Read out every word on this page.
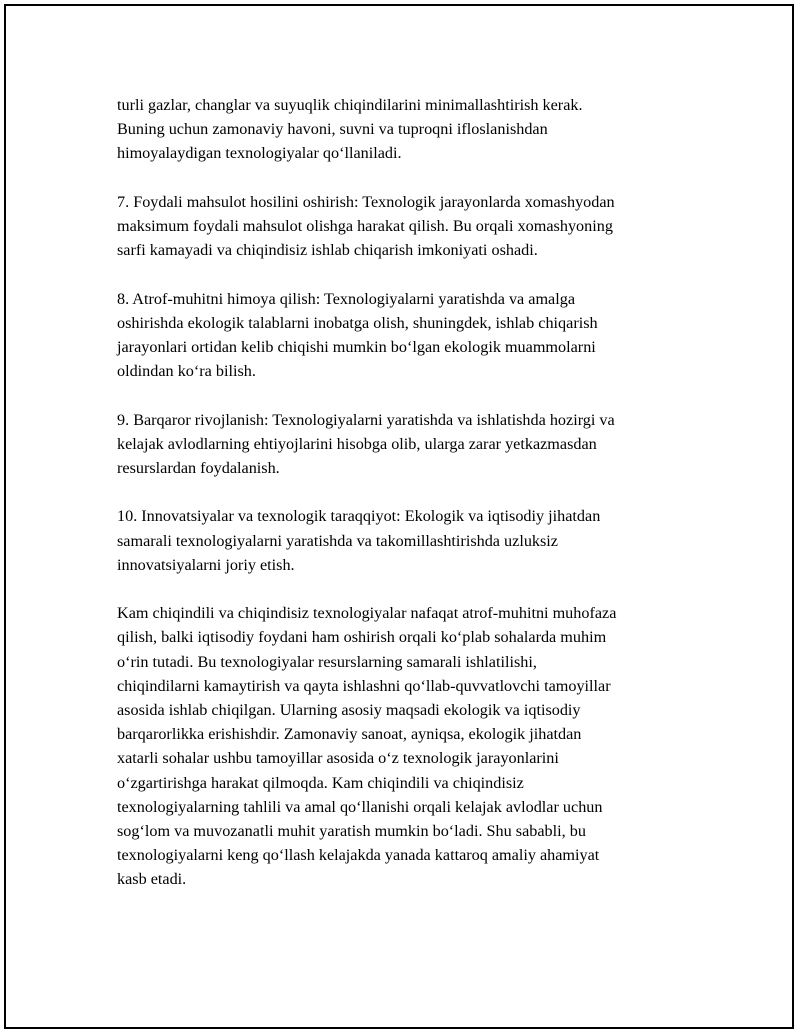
turli gazlar, changlar va suyuqlik chiqindilarini minimallashtirish kerak.
Buning uchun zamonaviy havoni, suvni va tuproqni ifloslanishdan
himoyalaydigan texnologiyalar qo‘llaniladi.

7. Foydali mahsulot hosilini oshirish: Texnologik jarayonlarda xomashyodan
maksimum foydali mahsulot olishga harakat qilish. Bu orqali xomashyoning
sarfi kamayadi va chiqindisiz ishlab chiqarish imkoniyati oshadi.

8. Atrof-muhitni himoya qilish: Texnologiyalarni yaratishda va amalga
oshirishda ekologik talablarni inobatga olish, shuningdek, ishlab chiqarish
jarayonlari ortidan kelib chiqishi mumkin bo‘lgan ekologik muammolarni
oldindan ko‘ra bilish.

9. Barqaror rivojlanish: Texnologiyalarni yaratishda va ishlatishda hozirgi va
kelajak avlodlarning ehtiyojlarini hisobga olib, ularga zarar yetkazmasdan
resurslardan foydalanish.

10. Innovatsiyalar va texnologik taraqqiyot: Ekologik va iqtisodiy jihatdan
samarali texnologiyalarni yaratishda va takomillashtirishda uzluksiz
innovatsiyalarni joriy etish.

Kam chiqindili va chiqindisiz texnologiyalar nafaqat atrof-muhitni muhofaza
qilish, balki iqtisodiy foydani ham oshirish orqali ko‘plab sohalarda muhim
o‘rin tutadi. Bu texnologiyalar resurslarning samarali ishlatilishi,
chiqindilarni kamaytirish va qayta ishlashni qo‘llab-quvvatlovchi tamoyillar
asosida ishlab chiqilgan. Ularning asosiy maqsadi ekologik va iqtisodiy
barqarorlikka erishishdir. Zamonaviy sanoat, ayniqsa, ekologik jihatdan
xatarli sohalar ushbu tamoyillar asosida o‘z texnologik jarayonlarini
o‘zgartirishga harakat qilmoqda. Kam chiqindili va chiqindisiz
texnologiyalarning tahlili va amal qo‘llanishi orqali kelajak avlodlar uchun
sog‘lom va muvozanatli muhit yaratish mumkin bo‘ladi. Shu sababli, bu
texnologiyalarni keng qo‘llash kelajakda yanada kattaroq amaliy ahamiyat
kasb etadi.
